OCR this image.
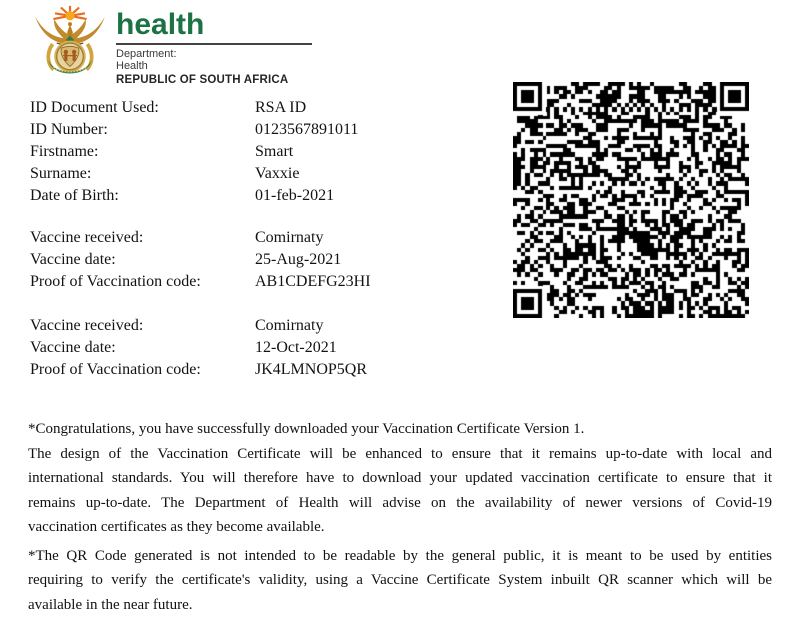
health
Department:
Health
REPUBLIC OF SOUTH AFRICA
ID Document Used:	RSA ID
ID Number:	0123567891011
Firstname:	Smart
Surname:	Vaxxie
Date of Birth:	01-feb-2021
Vaccine received:	Comirnaty
Vaccine date:	25-Aug-2021
Proof of Vaccination code:	AB1CDEFG23HI
Vaccine received:	Comirnaty
Vaccine date:	12-Oct-2021
Proof of Vaccination code:	JK4LMNOP5QR
*Congratulations, you have successfully downloaded your Vaccination Certificate Version 1.
The design of the Vaccination Certificate will be enhanced to ensure that it remains up-to-date with local and
international standards. You will therefore have to download your updated vaccination certificate to ensure that it
remains up-to-date. The Department of Health will advise on the availability of newer versions of Covid-19
vaccination certificates as they become available.
*The QR Code generated is not intended to be readable by the general public, it is meant to be used by entities
requiring to verify the certificate's validity, using a Vaccine Certificate System inbuilt QR scanner which will be
available in the near future.
